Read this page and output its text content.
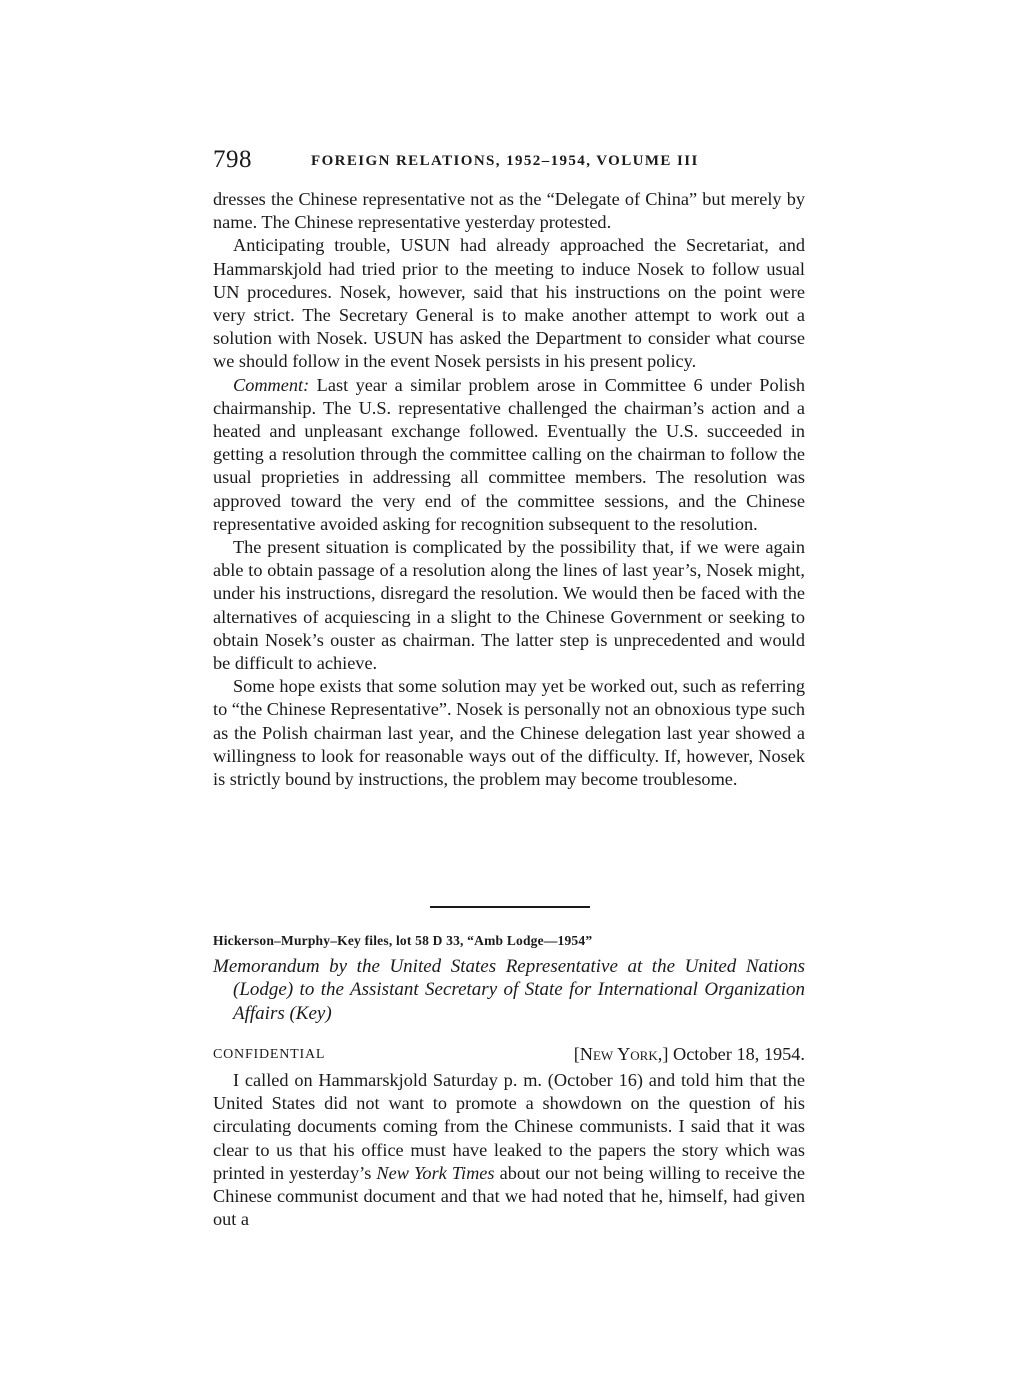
798	FOREIGN RELATIONS, 1952–1954, VOLUME III

dresses the Chinese representative not as the “Delegate of China” but merely by name. The Chinese representative yesterday protested.

Anticipating trouble, USUN had already approached the Secretariat, and Hammarskjold had tried prior to the meeting to induce Nosek to follow usual UN procedures. Nosek, however, said that his instructions on the point were very strict. The Secretary General is to make another attempt to work out a solution with Nosek. USUN has asked the Department to consider what course we should follow in the event Nosek persists in his present policy.

Comment: Last year a similar problem arose in Committee 6 under Polish chairmanship. The U.S. representative challenged the chairman’s action and a heated and unpleasant exchange followed. Eventually the U.S. succeeded in getting a resolution through the committee calling on the chairman to follow the usual proprieties in addressing all committee members. The resolution was approved toward the very end of the committee sessions, and the Chinese representative avoided asking for recognition subsequent to the resolution.

The present situation is complicated by the possibility that, if we were again able to obtain passage of a resolution along the lines of last year’s, Nosek might, under his instructions, disregard the resolution. We would then be faced with the alternatives of acquiescing in a slight to the Chinese Government or seeking to obtain Nosek’s ouster as chairman. The latter step is unprecedented and would be difficult to achieve.

Some hope exists that some solution may yet be worked out, such as referring to “the Chinese Representative”. Nosek is personally not an obnoxious type such as the Polish chairman last year, and the Chinese delegation last year showed a willingness to look for reasonable ways out of the difficulty. If, however, Nosek is strictly bound by instructions, the problem may become troublesome.

Hickerson–Murphy–Key files, lot 58 D 33, “Amb Lodge—1954”
Memorandum by the United States Representative at the United Nations (Lodge) to the Assistant Secretary of State for International Organization Affairs (Key)
CONFIDENTIAL	[New York,] October 18, 1954.

I called on Hammarskjold Saturday p. m. (October 16) and told him that the United States did not want to promote a showdown on the question of his circulating documents coming from the Chinese communists. I said that it was clear to us that his office must have leaked to the papers the story which was printed in yesterday’s New York Times about our not being willing to receive the Chinese communist document and that we had noted that he, himself, had given out a
